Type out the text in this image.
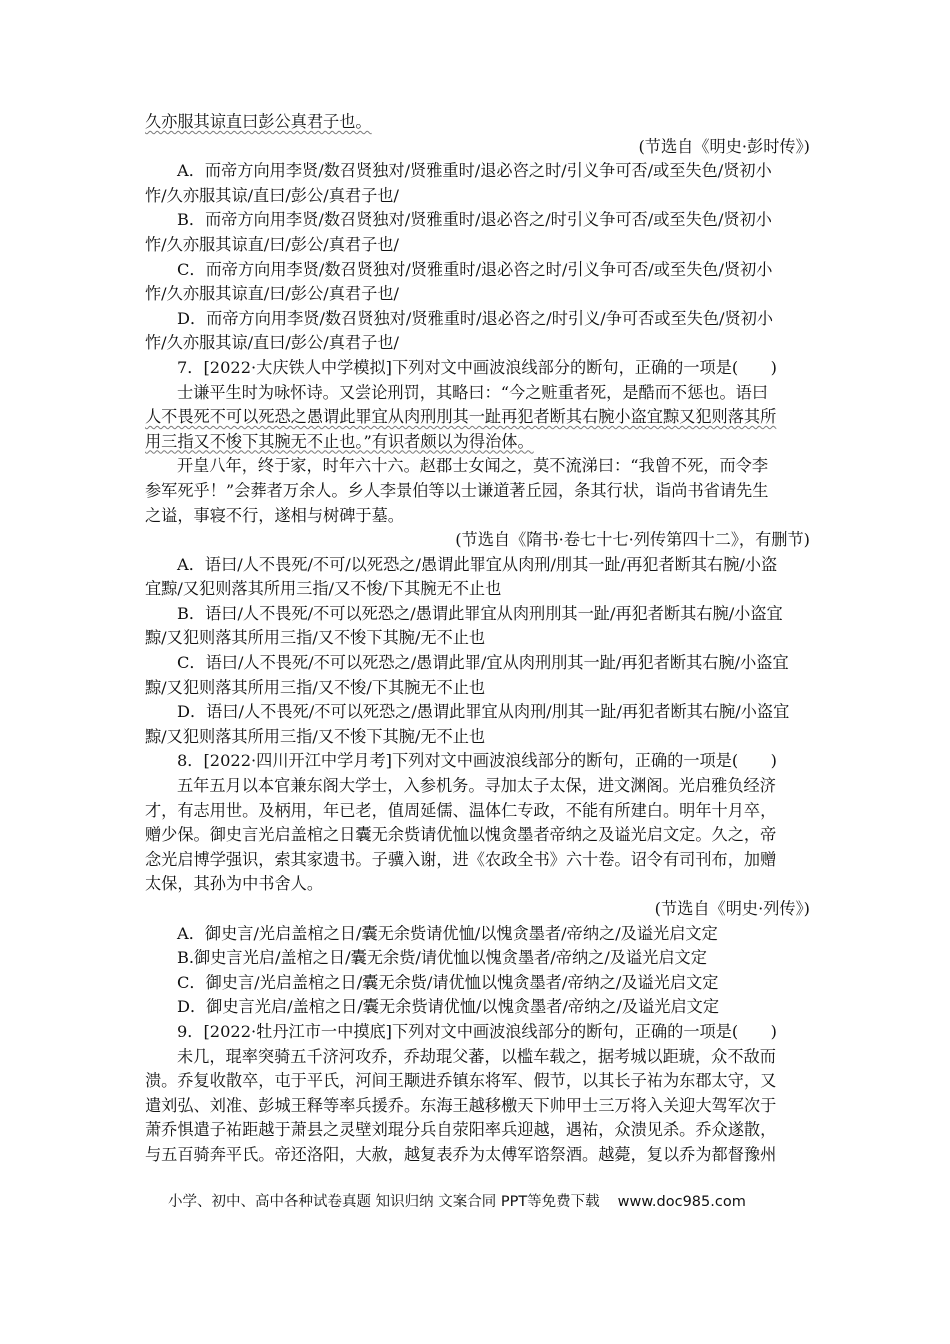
久亦服其谅直曰彭公真君子也。
(节选自《明史·彭时传》)
A．而帝方向用李贤/数召贤独对/贤雅重时/退必咨之时/引义争可否/或至失色/贤初小
怍/久亦服其谅/直曰/彭公/真君子也/
B．而帝方向用李贤/数召贤独对/贤雅重时/退必咨之/时引义争可否/或至失色/贤初小
怍/久亦服其谅直/曰/彭公/真君子也/
C．而帝方向用李贤/数召贤独对/贤雅重时/退必咨之时/引义争可否/或至失色/贤初小
怍/久亦服其谅直/曰/彭公/真君子也/
D．而帝方向用李贤/数召贤独对/贤雅重时/退必咨之/时引义/争可否或至失色/贤初小
怍/久亦服其谅/直曰/彭公/真君子也/
7．[2022·大庆铁人中学模拟]下列对文中画波浪线部分的断句，正确的一项是(　　)
士谦平生时为咏怀诗。又尝论刑罚，其略曰：“今之赃重者死，是酷而不惩也。语曰
人不畏死不可以死恐之愚谓此罪宜从肉刑刖其一趾再犯者断其右腕小盗宜黥又犯则落其所
用三指又不悛下其腕无不止也。”有识者颇以为得治体。
开皇八年，终于家，时年六十六。赵郡士女闻之，莫不流涕曰：“我曾不死，而令李
参军死乎！”会葬者万余人。乡人李景伯等以士谦道著丘园，条其行状，诣尚书省请先生
之谥，事寝不行，遂相与树碑于墓。
(节选自《隋书·卷七十七·列传第四十二》，有删节)
A．语曰/人不畏死/不可/以死恐之/愚谓此罪宜从肉刑/刖其一趾/再犯者断其右腕/小盗
宜黥/又犯则落其所用三指/又不悛/下其腕无不止也
B．语曰/人不畏死/不可以死恐之/愚谓此罪宜从肉刑刖其一趾/再犯者断其右腕/小盗宜
黥/又犯则落其所用三指/又不悛下其腕/无不止也
C．语曰/人不畏死/不可以死恐之/愚谓此罪/宜从肉刑刖其一趾/再犯者断其右腕/小盗宜
黥/又犯则落其所用三指/又不悛/下其腕无不止也
D．语曰/人不畏死/不可以死恐之/愚谓此罪宜从肉刑/刖其一趾/再犯者断其右腕/小盗宜
黥/又犯则落其所用三指/又不悛下其腕/无不止也
8．[2022·四川开江中学月考]下列对文中画波浪线部分的断句，正确的一项是(　　)
五年五月以本官兼东阁大学士，入参机务。寻加太子太保，进文渊阁。光启雅负经济
才，有志用世。及柄用，年已老，值周延儒、温体仁专政，不能有所建白。明年十月卒，
赠少保。御史言光启盖棺之日囊无余赀请优恤以愧贪墨者帝纳之及谥光启文定。久之，帝
念光启博学强识，索其家遗书。子骥入谢，进《农政全书》六十卷。诏令有司刊布，加赠
太保，其孙为中书舍人。
(节选自《明史·列传》)
A．御史言/光启盖棺之日/囊无余赀请优恤/以愧贪墨者/帝纳之/及谥光启文定
B.御史言光启/盖棺之日/囊无余赀/请优恤以愧贪墨者/帝纳之/及谥光启文定
C．御史言/光启盖棺之日/囊无余赀/请优恤以愧贪墨者/帝纳之/及谥光启文定
D．御史言光启/盖棺之日/囊无余赀请优恤/以愧贪墨者/帝纳之/及谥光启文定
9．[2022·牡丹江市一中摸底]下列对文中画波浪线部分的断句，正确的一项是(　　)
未几，琨率突骑五千济河攻乔，乔劫琨父蕃，以槛车载之，据考城以距琥，众不敌而
溃。乔复收散卒，屯于平氏，河间王颙进乔镇东将军、假节，以其长子祐为东郡太守，又
遣刘弘、刘准、彭城王释等率兵援乔。东海王越移檄天下帅甲士三万将入关迎大驾军次于
萧乔惧遣子祐距越于萧县之灵壁刘琨分兵自荥阳率兵迎越，遇祐，众溃见杀。乔众遂散，
与五百骑奔平氏。帝还洛阳，大赦，越复表乔为太傅军谘祭酒。越薨，复以乔为都督豫州
小学、初中、高中各种试卷真题 知识归纳 文案合同 PPT等免费下载 www.doc985.com
